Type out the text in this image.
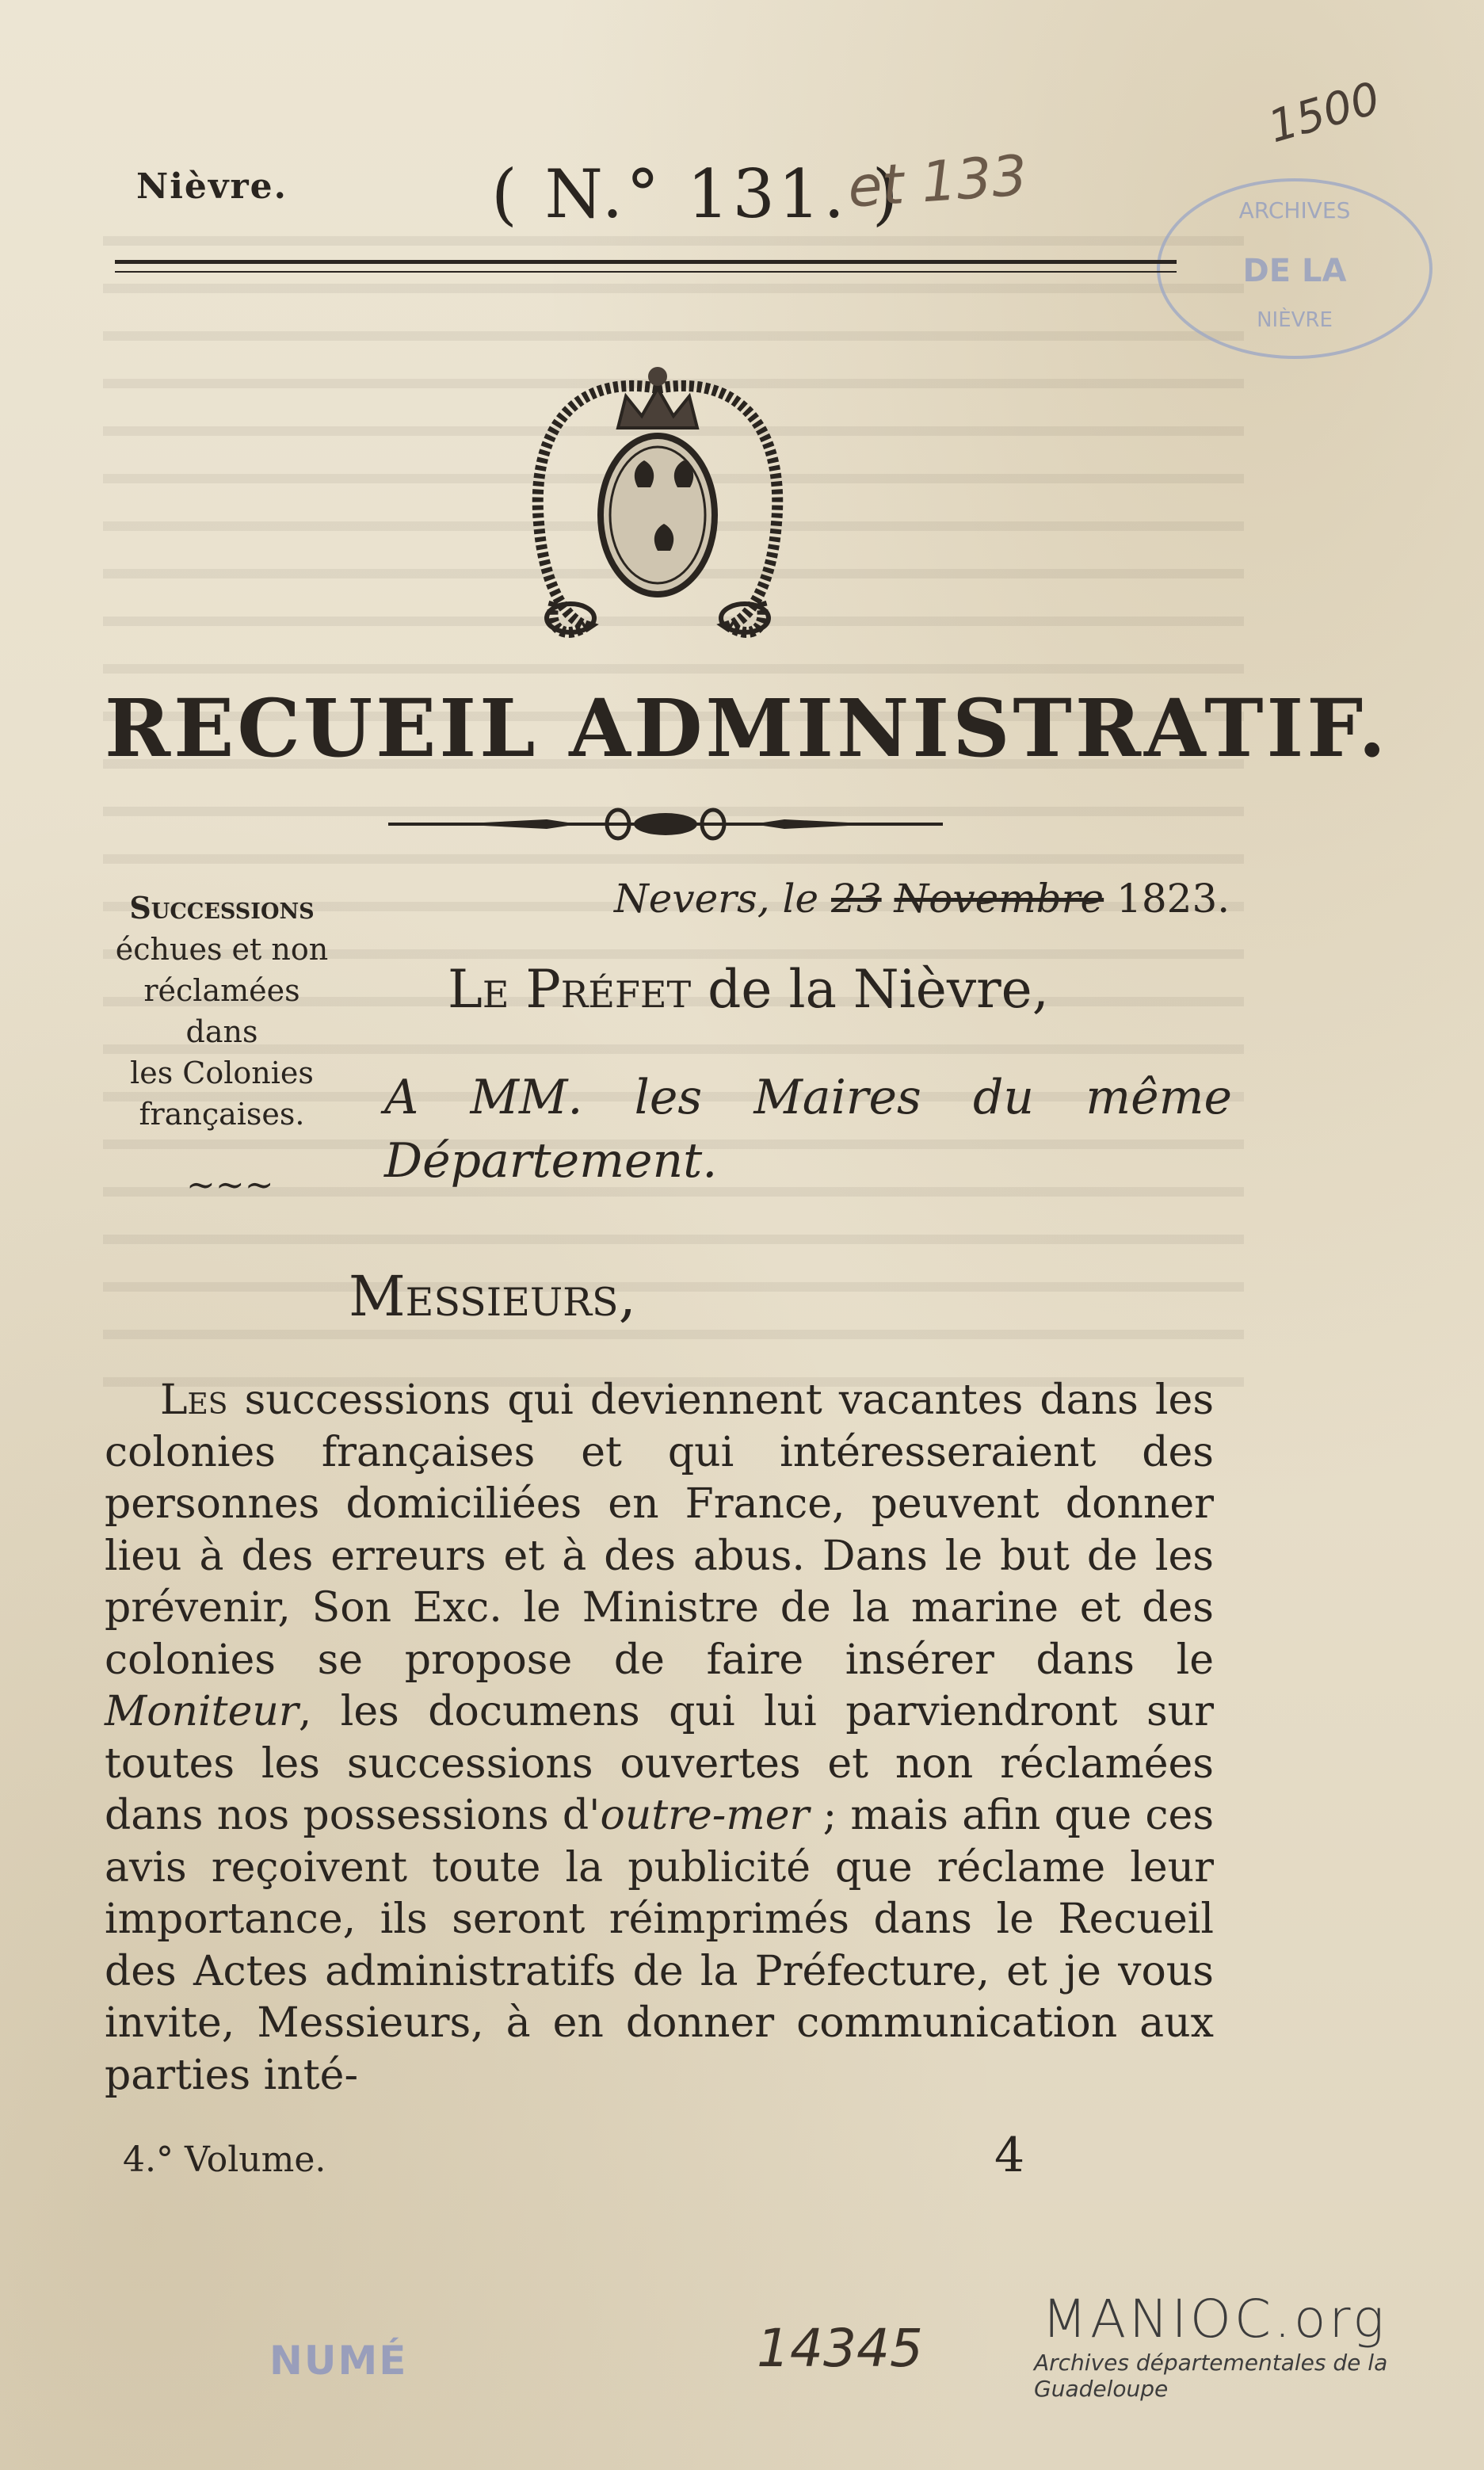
Nièvre.	( N.° 131. )
et 133
1500
ARCHIVES
DE LA
NIÈVRE
RECUEIL ADMINISTRATIF.
Successions
échues et non
réclamées
dans
les Colonies
françaises.
~~~
Nevers, le 23 Novembre 1823.
Le Préfet de la Nièvre,
A MM. les Maires du même Département.
Messieurs,
Les successions qui deviennent vacantes dans les colonies françaises et qui intéresseraient des personnes domiciliées en France, peuvent donner lieu à des erreurs et à des abus. Dans le but de les prévenir, Son Exc. le Ministre de la marine et des colonies se propose de faire insérer dans le Moniteur, les documens qui lui parviendront sur toutes les successions ouvertes et non réclamées dans nos possessions d'outre-mer ; mais afin que ces avis reçoivent toute la publicité que réclame leur importance, ils seront réimprimés dans le Recueil des Actes administratifs de la Préfecture, et je vous invite, Messieurs, à en donner communication aux parties inté-
4.° Volume.	4
NUMÉ	14345 MANIOC.org
Archives départementales de la Guadeloupe
